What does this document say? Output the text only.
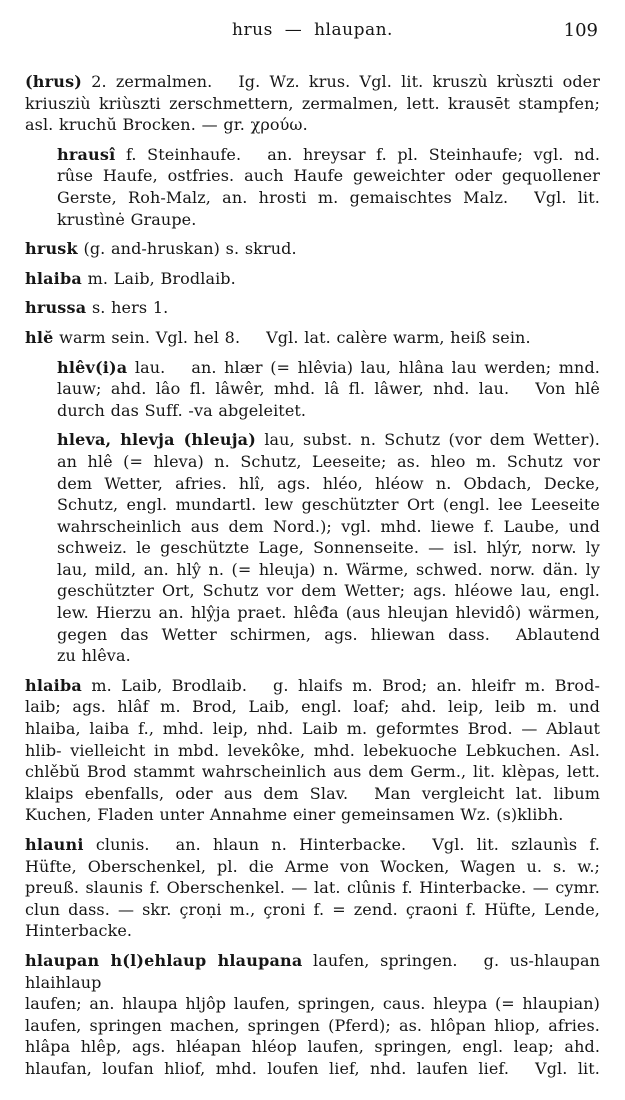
hrus — hlaupan.	109
(hrus) 2. zermalmen. Ig. Wz. krus. Vgl. lit. kruszù krùszti oder
kriusziù kriùszti zerschmettern, zermalmen, lett. krausēt stampfen;
asl. kruchŭ Brocken. — gr. χρούω.
hrausî f. Steinhaufe. an. hreysar f. pl. Steinhaufe; vgl. nd.
rûse Haufe, ostfries. auch Haufe geweichter oder gequollener
Gerste, Roh-Malz, an. hrosti m. gemaischtes Malz. Vgl. lit.
krustìnė Graupe.
hrusk (g. and-hruskan) s. skrud.
hlaiba m. Laib, Brodlaib.
hrussa s. hers 1.
hlĕ warm sein. Vgl. hel 8. Vgl. lat. calère warm, heiß sein.
hlêv(i)a lau. an. hlær (= hlêvia) lau, hlâna lau werden; mnd.
lauw; ahd. lâo fl. lâwêr, mhd. lâ fl. lâwer, nhd. lau. Von hlê
durch das Suff. -va abgeleitet.
hleva, hlevja (hleuja) lau, subst. n. Schutz (vor dem Wetter).
an hlê (= hleva) n. Schutz, Leeseite; as. hleo m. Schutz vor
dem Wetter, afries. hlî, ags. hléo, hléow n. Obdach, Decke,
Schutz, engl. mundartl. lew geschützter Ort (engl. lee Leeseite
wahrscheinlich aus dem Nord.); vgl. mhd. liewe f. Laube, und
schweiz. le geschützte Lage, Sonnenseite. — isl. hlýr, norw. ly
lau, mild, an. hlŷ n. (= hleuja) n. Wärme, schwed. norw. dän. ly
geschützter Ort, Schutz vor dem Wetter; ags. hléowe lau, engl.
lew. Hierzu an. hlŷja praet. hlêđa (aus hleujan hlevidô) wärmen,
gegen das Wetter schirmen, ags. hliewan dass. Ablautend
zu hlêva.
hlaiba m. Laib, Brodlaib. g. hlaifs m. Brod; an. hleifr m. Brod-
laib; ags. hlâf m. Brod, Laib, engl. loaf; ahd. leip, leib m. und
hlaiba, laiba f., mhd. leip, nhd. Laib m. geformtes Brod. — Ablaut
hlib- vielleicht in mbd. levekôke, mhd. lebekuoche Lebkuchen. Asl.
chlěbŭ Brod stammt wahrscheinlich aus dem Germ., lit. klèpas, lett.
klaips ebenfalls, oder aus dem Slav. Man vergleicht lat. libum
Kuchen, Fladen unter Annahme einer gemeinsamen Wz. (s)klibh.
hlauni clunis. an. hlaun n. Hinterbacke. Vgl. lit. szlaunìs f.
Hüfte, Oberschenkel, pl. die Arme von Wocken, Wagen u. s. w.;
preuß. slaunis f. Oberschenkel. — lat. clûnis f. Hinterbacke. — cymr.
clun dass. — skr. çroṇi m., çroni f. = zend. çraoni f. Hüfte, Lende,
Hinterbacke.
hlaupan h(l)ehlaup hlaupana laufen, springen. g. us-hlaupan hlaihlaup
laufen; an. hlaupa hljôp laufen, springen, caus. hleypa (= hlaupian)
laufen, springen machen, springen (Pferd); as. hlôpan hliop, afries.
hlâpa hlêp, ags. hléapan hléop laufen, springen, engl. leap; ahd.
hlaufan, loufan hliof, mhd. loufen lief, nhd. laufen lief. Vgl. lit.
